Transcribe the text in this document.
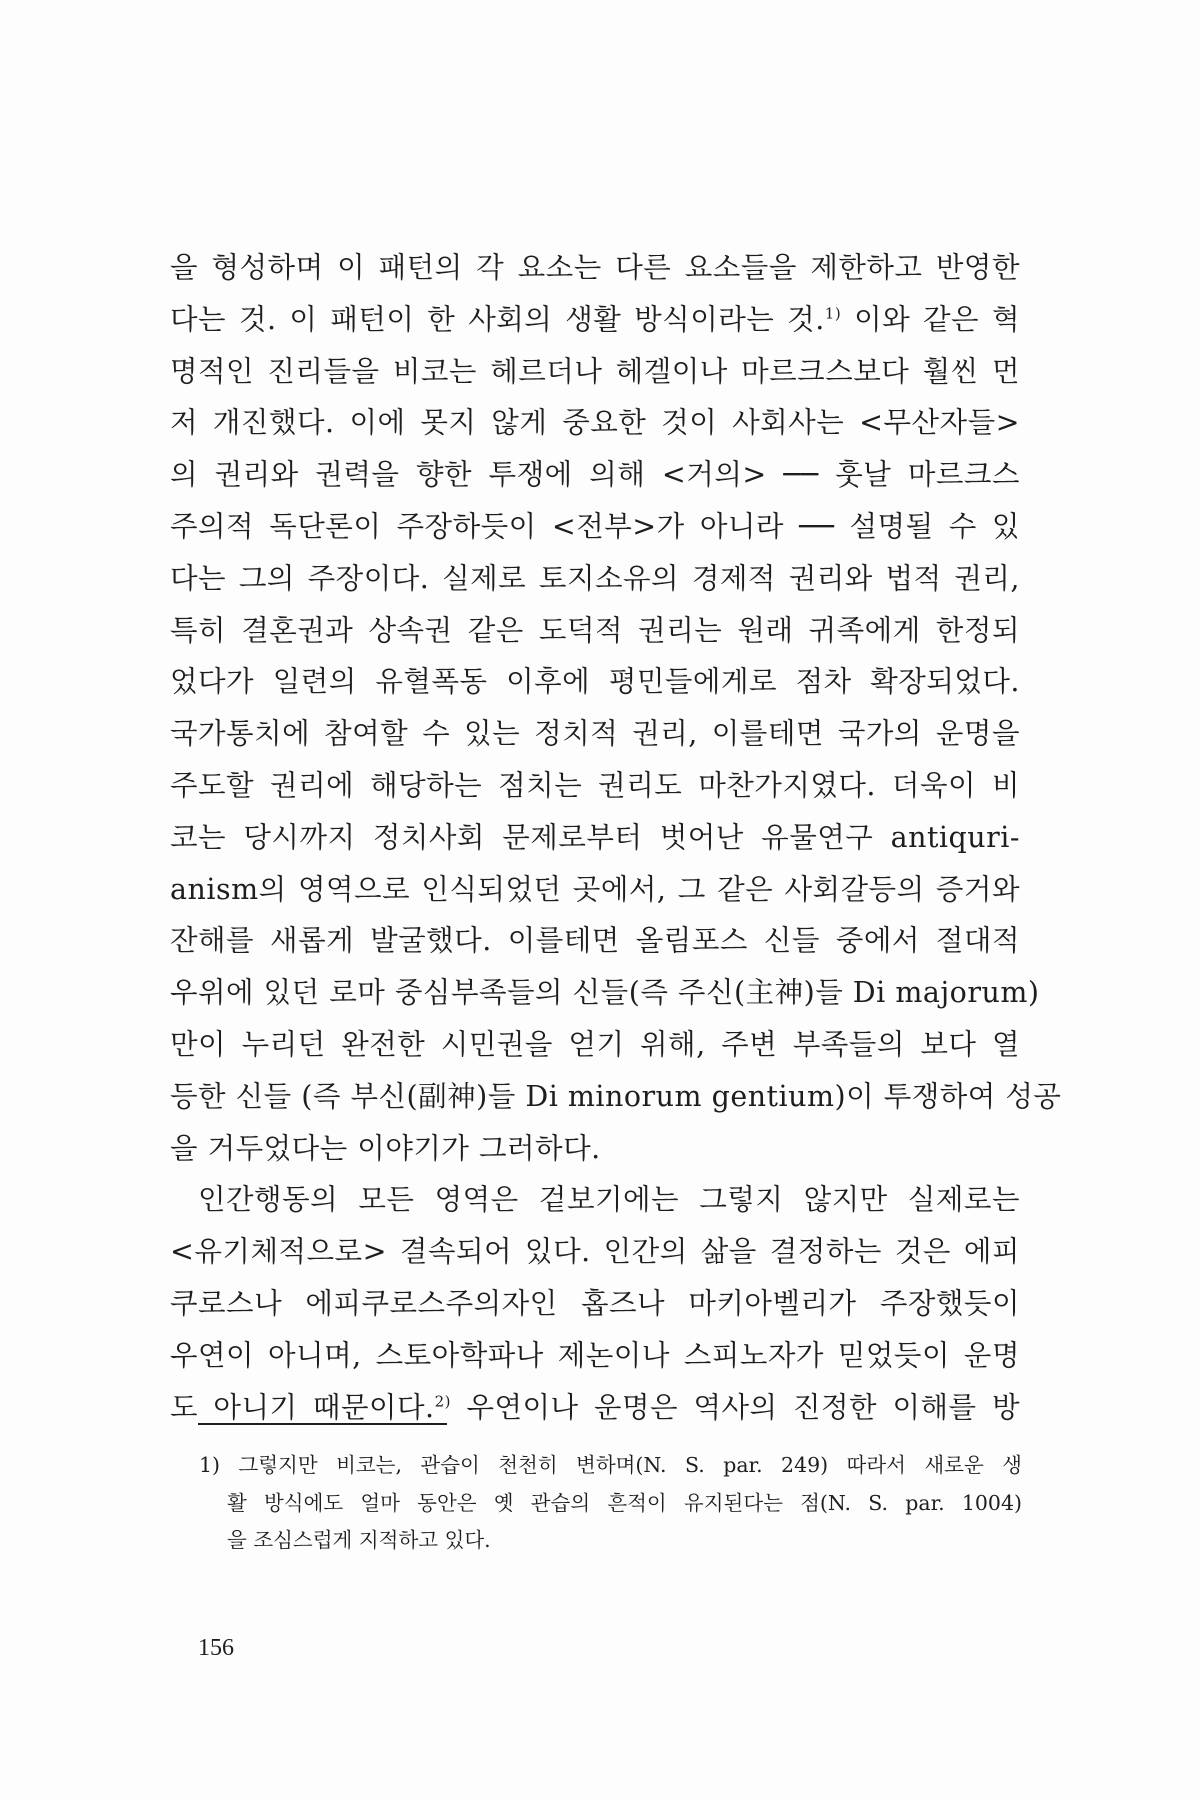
을 형성하며 이 패턴의 각 요소는 다른 요소들을 제한하고 반영한
다는 것. 이 패턴이 한 사회의 생활 방식이라는 것.$^{1)}$ 이와 같은 혁
명적인 진리들을 비코는 헤르더나 헤겔이나 마르크스보다 훨씬 먼
저 개진했다. 이에 못지 않게 중요한 것이 사회사는 <무산자들>
의 권리와 권력을 향한 투쟁에 의해 <거의> ── 훗날 마르크스
주의적 독단론이 주장하듯이 <전부>가 아니라 ── 설명될 수 있
다는 그의 주장이다. 실제로 토지소유의 경제적 권리와 법적 권리,
특히 결혼권과 상속권 같은 도덕적 권리는 원래 귀족에게 한정되
었다가 일련의 유혈폭동 이후에 평민들에게로 점차 확장되었다.
국가통치에 참여할 수 있는 정치적 권리, 이를테면 국가의 운명을
주도할 권리에 해당하는 점치는 권리도 마찬가지였다. 더욱이 비
코는 당시까지 정치사회 문제로부터 벗어난 유물연구 antiquri-
anism의 영역으로 인식되었던 곳에서, 그 같은 사회갈등의 증거와
잔해를 새롭게 발굴했다. 이를테면 올림포스 신들 중에서 절대적
우위에 있던 로마 중심부족들의 신들(즉 주신(主神)들 Di majorum)
만이 누리던 완전한 시민권을 얻기 위해, 주변 부족들의 보다 열
등한 신들 (즉 부신(副神)들 Di minorum gentium)이 투쟁하여 성공
을 거두었다는 이야기가 그러하다.
인간행동의 모든 영역은 겉보기에는 그렇지 않지만 실제로는
<유기체적으로> 결속되어 있다. 인간의 삶을 결정하는 것은 에피
쿠로스나 에피쿠로스주의자인 홉즈나 마키아벨리가 주장했듯이
우연이 아니며, 스토아학파나 제논이나 스피노자가 믿었듯이 운명
도 아니기 때문이다.$^{2)}$ 우연이나 운명은 역사의 진정한 이해를 방
1) 그렇지만 비코는, 관습이 천천히 변하며(N. S. par. 249) 따라서 새로운 생
활 방식에도 얼마 동안은 옛 관습의 흔적이 유지된다는 점(N. S. par. 1004)
을 조심스럽게 지적하고 있다.
156
